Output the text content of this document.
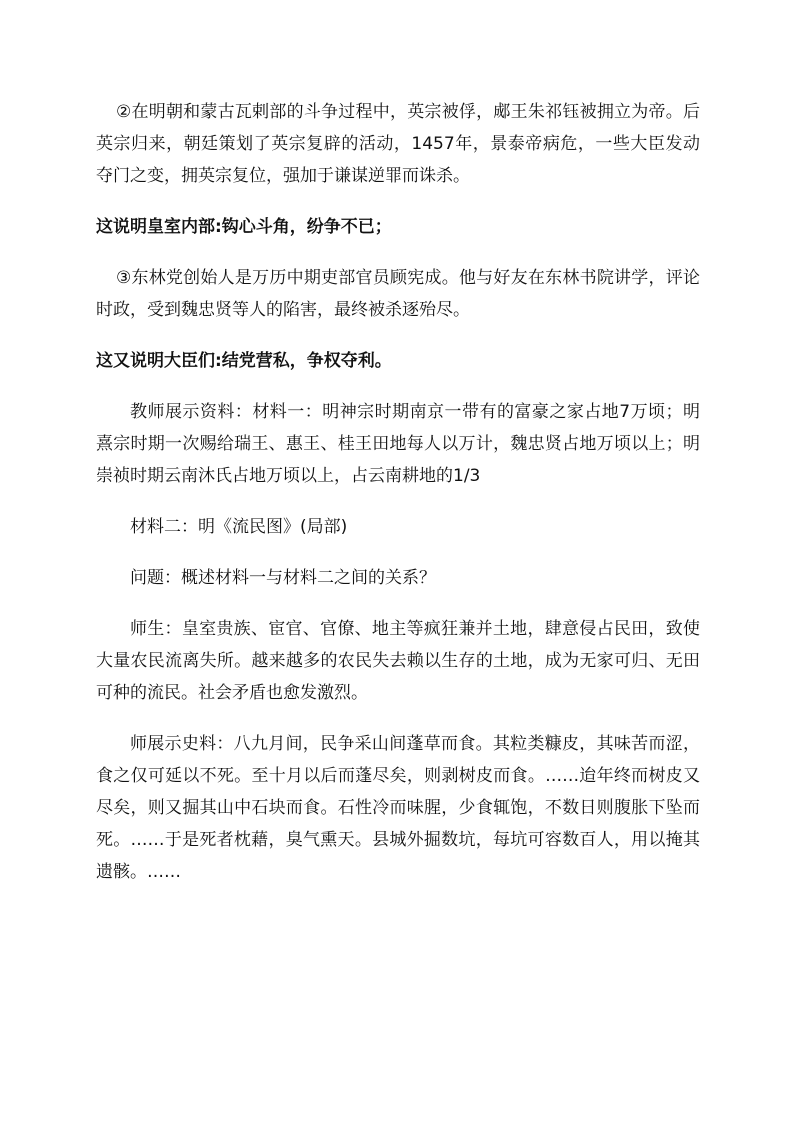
②在明朝和蒙古瓦剌部的斗争过程中，英宗被俘，郕王朱祁钰被拥立为帝。后英宗归来，朝廷策划了英宗复辟的活动，1457年，景泰帝病危，一些大臣发动夺门之变，拥英宗复位，强加于谦谋逆罪而诛杀。

这说明皇室内部:钩心斗角，纷争不已；

③东林党创始人是万历中期吏部官员顾宪成。他与好友在东林书院讲学，评论时政，受到魏忠贤等人的陷害，最终被杀逐殆尽。

这又说明大臣们:结党营私，争权夺利。

教师展示资料：材料一：明神宗时期南京一带有的富豪之家占地7万顷；明熹宗时期一次赐给瑞王、惠王、桂王田地每人以万计，魏忠贤占地万顷以上；明崇祯时期云南沐氏占地万顷以上，占云南耕地的1/3

材料二：明《流民图》(局部)

问题：概述材料一与材料二之间的关系？

师生：皇室贵族、宦官、官僚、地主等疯狂兼并土地，肆意侵占民田，致使大量农民流离失所。越来越多的农民失去赖以生存的土地，成为无家可归、无田可种的流民。社会矛盾也愈发激烈。

师展示史料：八九月间，民争采山间蓬草而食。其粒类糠皮，其味苦而涩，食之仅可延以不死。至十月以后而蓬尽矣，则剥树皮而食。……迨年终而树皮又尽矣，则又掘其山中石块而食。石性冷而味腥，少食辄饱，不数日则腹胀下坠而死。……于是死者枕藉，臭气熏天。县城外掘数坑，每坑可容数百人，用以掩其遗骸。……
